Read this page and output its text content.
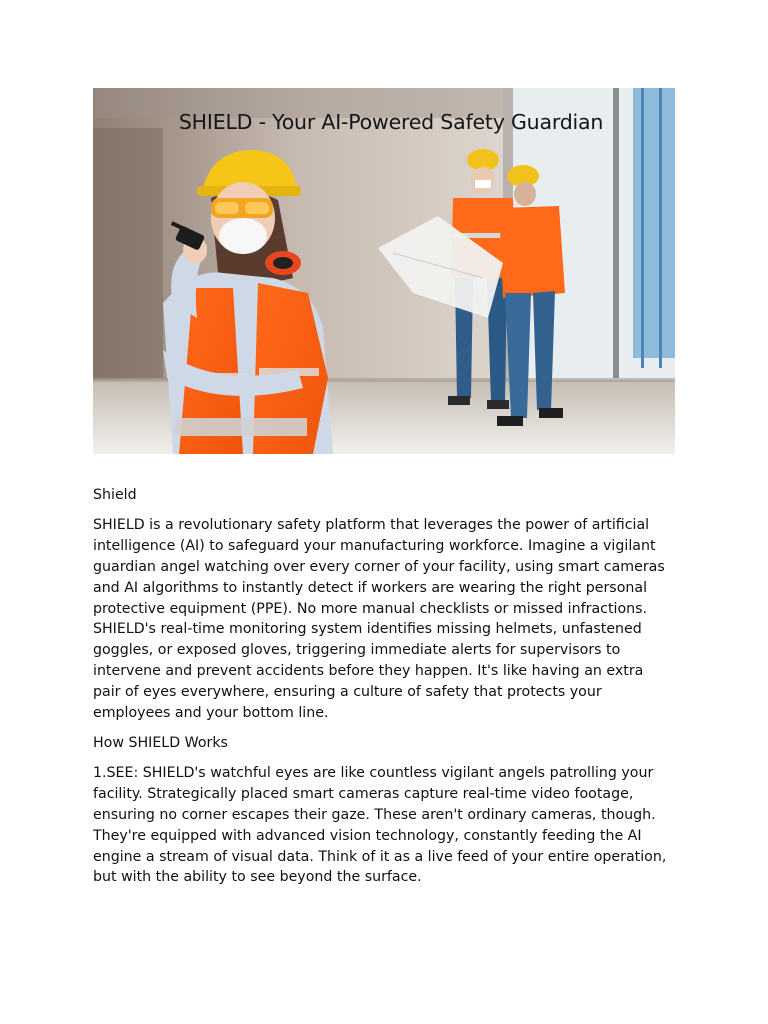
SHIELD - Your AI-Powered Safety Guardian

Shield

SHIELD is a revolutionary safety platform that leverages the power of artificial intelligence (AI) to safeguard your manufacturing workforce. Imagine a vigilant guardian angel watching over every corner of your facility, using smart cameras and AI algorithms to instantly detect if workers are wearing the right personal protective equipment (PPE). No more manual checklists or missed infractions. SHIELD's real-time monitoring system identifies missing helmets, unfastened goggles, or exposed gloves, triggering immediate alerts for supervisors to intervene and prevent accidents before they happen. It's like having an extra pair of eyes everywhere, ensuring a culture of safety that protects your employees and your bottom line.

How SHIELD Works

1.SEE: SHIELD's watchful eyes are like countless vigilant angels patrolling your facility. Strategically placed smart cameras capture real-time video footage, ensuring no corner escapes their gaze. These aren't ordinary cameras, though. They're equipped with advanced vision technology, constantly feeding the AI engine a stream of visual data. Think of it as a live feed of your entire operation, but with the ability to see beyond the surface.
